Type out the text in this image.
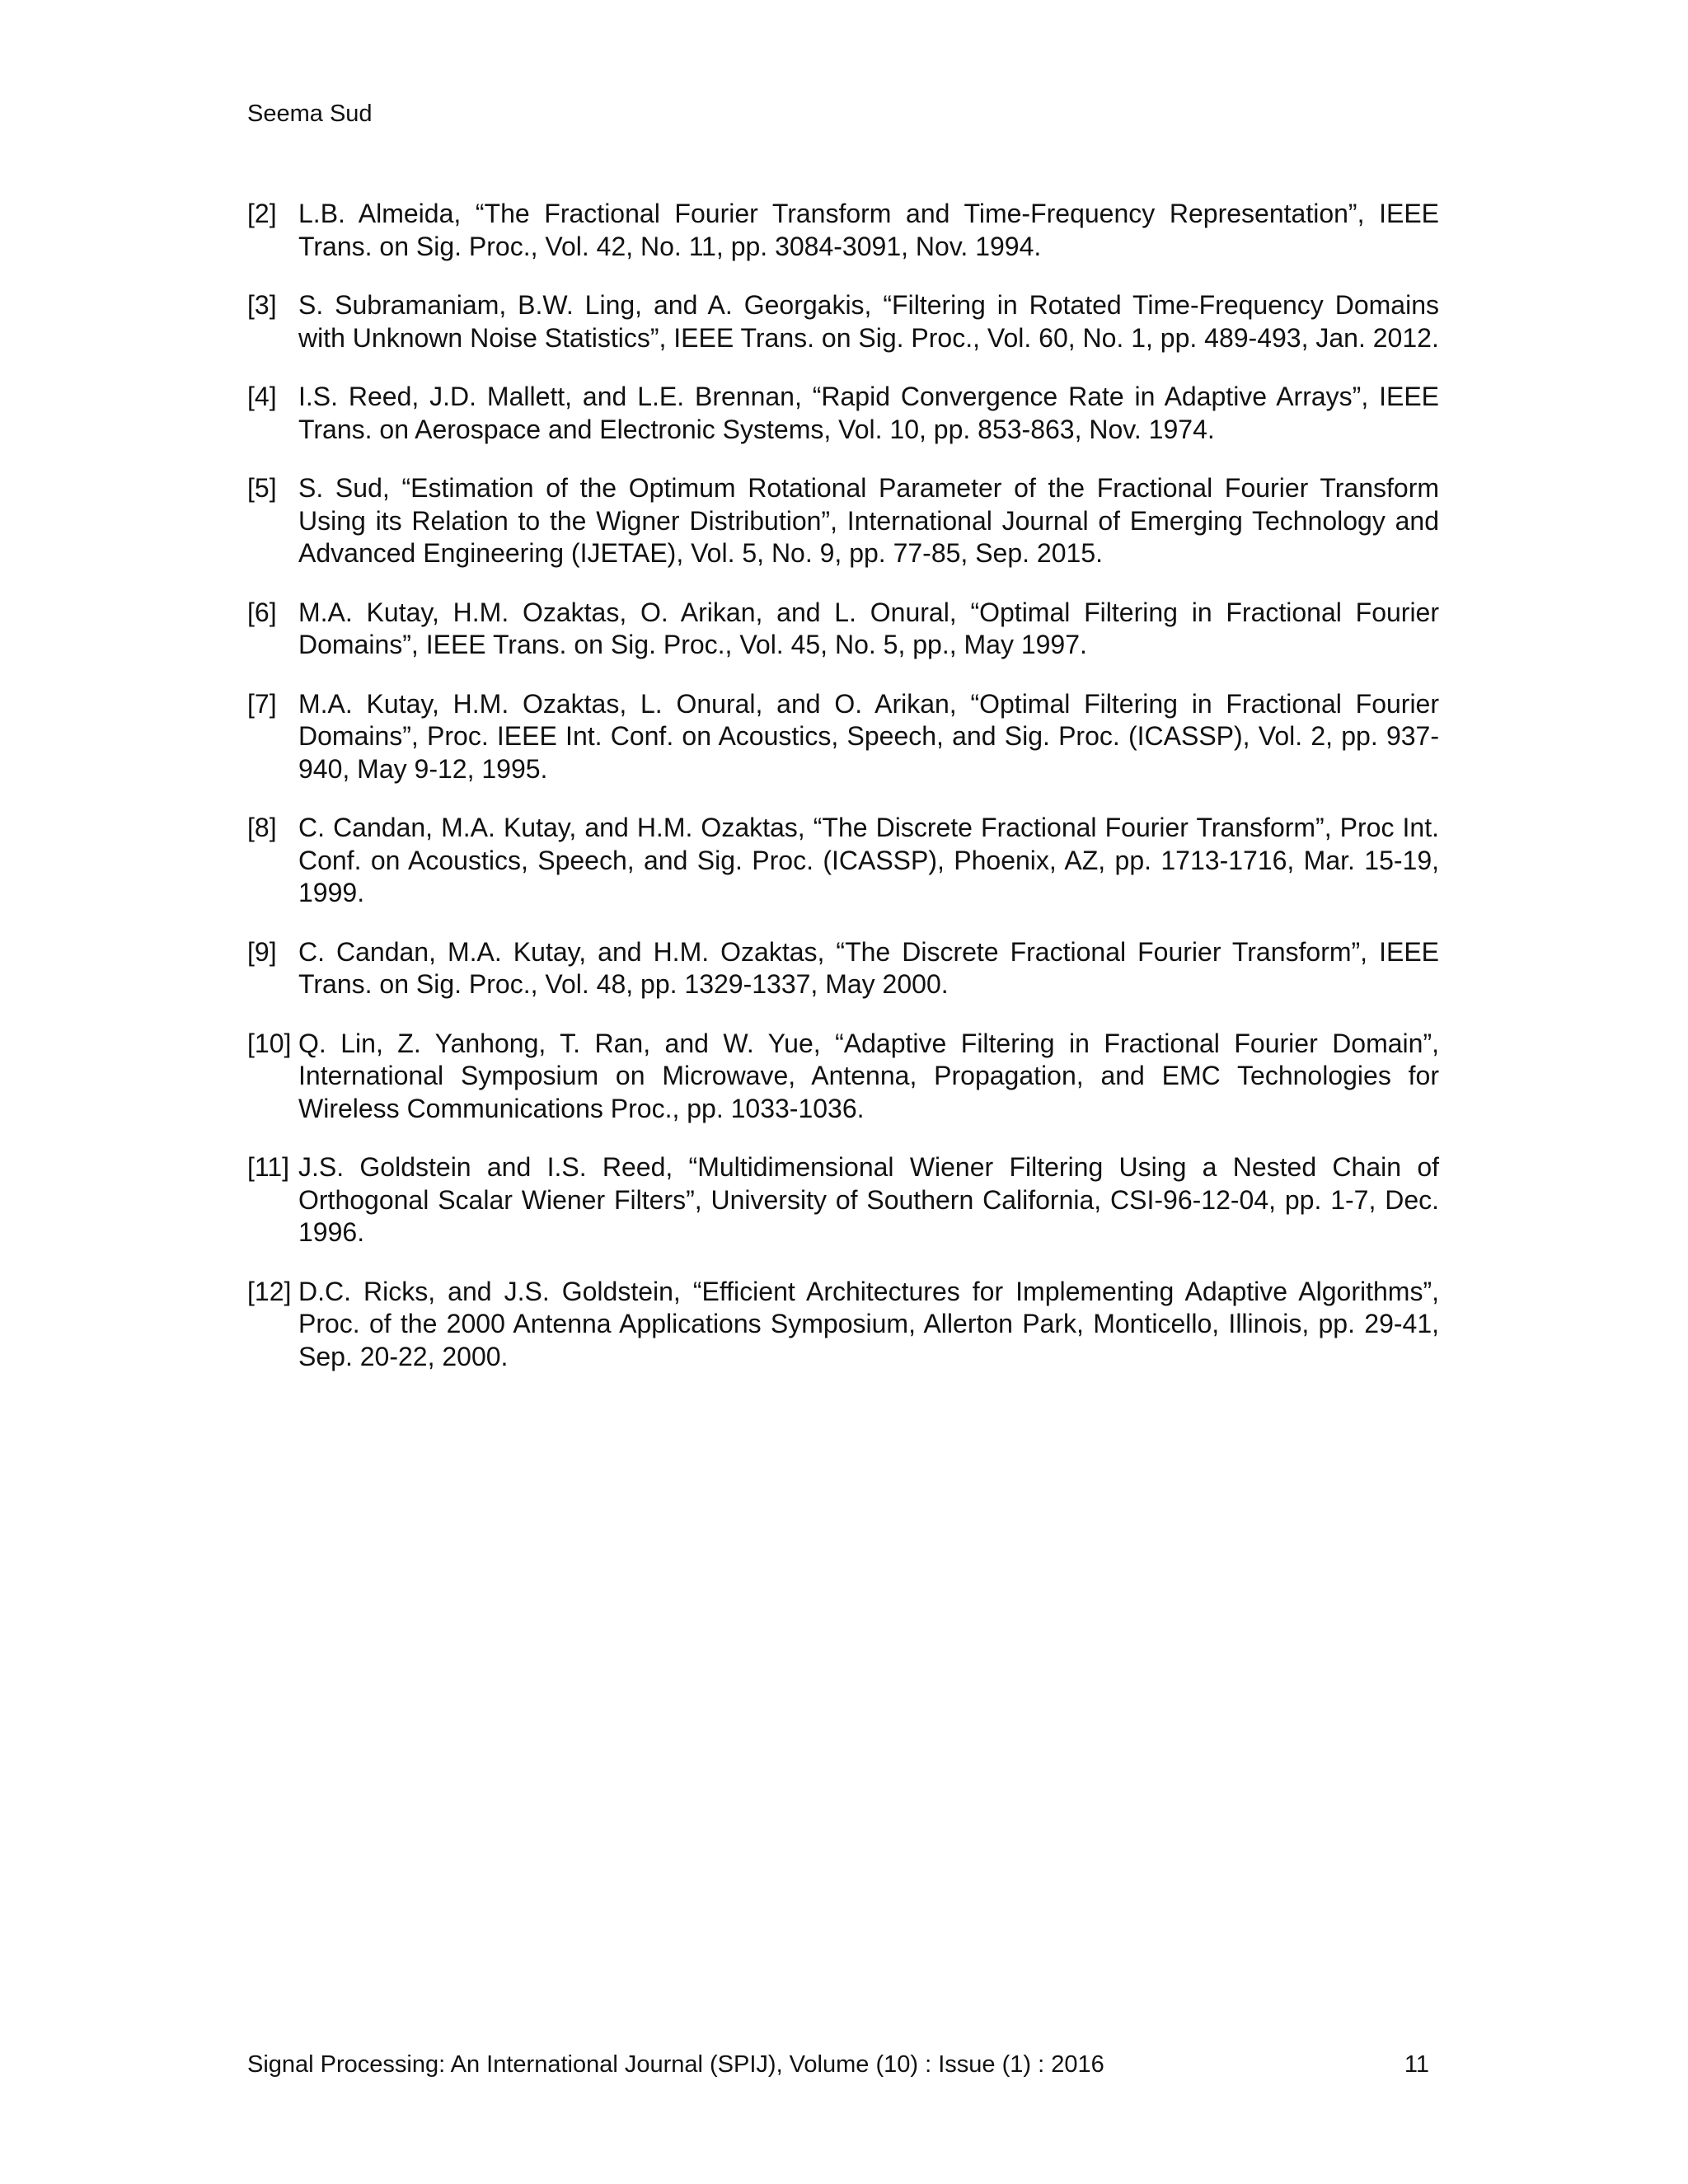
Seema Sud
[2] L.B. Almeida, “The Fractional Fourier Transform and Time-Frequency Representation”, IEEE Trans. on Sig. Proc., Vol. 42, No. 11, pp. 3084-3091, Nov. 1994.
[3] S. Subramaniam, B.W. Ling, and A. Georgakis, “Filtering in Rotated Time-Frequency Domains with Unknown Noise Statistics”, IEEE Trans. on Sig. Proc., Vol. 60, No. 1, pp. 489-493, Jan. 2012.
[4] I.S. Reed, J.D. Mallett, and L.E. Brennan, “Rapid Convergence Rate in Adaptive Arrays”, IEEE Trans. on Aerospace and Electronic Systems, Vol. 10, pp. 853-863, Nov. 1974.
[5] S. Sud, “Estimation of the Optimum Rotational Parameter of the Fractional Fourier Transform Using its Relation to the Wigner Distribution”, International Journal of Emerging Technology and Advanced Engineering (IJETAE), Vol. 5, No. 9, pp. 77-85, Sep. 2015.
[6] M.A. Kutay, H.M. Ozaktas, O. Arikan, and L. Onural, “Optimal Filtering in Fractional Fourier Domains”, IEEE Trans. on Sig. Proc., Vol. 45, No. 5, pp., May 1997.
[7] M.A. Kutay, H.M. Ozaktas, L. Onural, and O. Arikan, “Optimal Filtering in Fractional Fourier Domains”, Proc. IEEE Int. Conf. on Acoustics, Speech, and Sig. Proc. (ICASSP), Vol. 2, pp. 937-940, May 9-12, 1995.
[8] C. Candan, M.A. Kutay, and H.M. Ozaktas, “The Discrete Fractional Fourier Transform”, Proc Int. Conf. on Acoustics, Speech, and Sig. Proc. (ICASSP), Phoenix, AZ, pp. 1713-1716, Mar. 15-19, 1999.
[9] C. Candan, M.A. Kutay, and H.M. Ozaktas, “The Discrete Fractional Fourier Transform”, IEEE Trans. on Sig. Proc., Vol. 48, pp. 1329-1337, May 2000.
[10] Q. Lin, Z. Yanhong, T. Ran, and W. Yue, “Adaptive Filtering in Fractional Fourier Domain”, International Symposium on Microwave, Antenna, Propagation, and EMC Technologies for Wireless Communications Proc., pp. 1033-1036.
[11] J.S. Goldstein and I.S. Reed, “Multidimensional Wiener Filtering Using a Nested Chain of Orthogonal Scalar Wiener Filters”, University of Southern California, CSI-96-12-04, pp. 1-7, Dec. 1996.
[12] D.C. Ricks, and J.S. Goldstein, “Efficient Architectures for Implementing Adaptive Algorithms”, Proc. of the 2000 Antenna Applications Symposium, Allerton Park, Monticello, Illinois, pp. 29-41, Sep. 20-22, 2000.
Signal Processing: An International Journal (SPIJ), Volume (10) : Issue (1) : 2016	11
